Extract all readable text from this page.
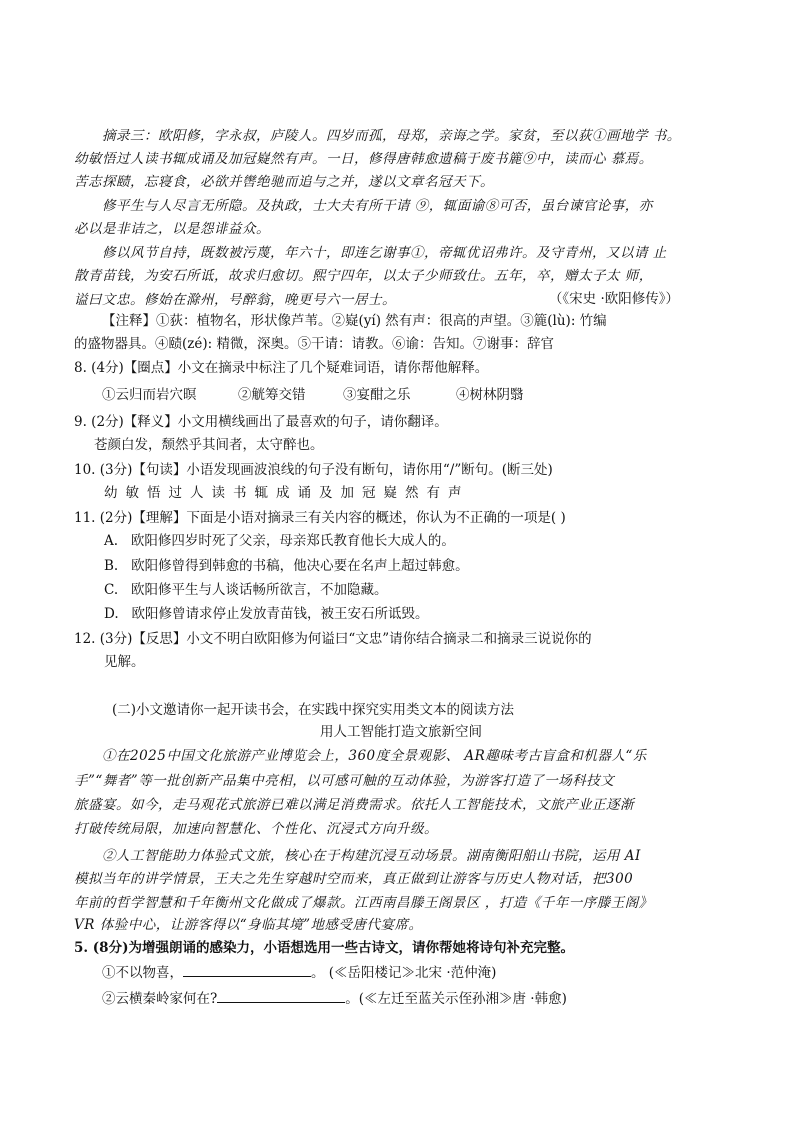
摘录三：欧阳修，字永叔，庐陵人。四岁而孤，母郑，亲诲之学。家贫，至以荻①画地学 书。
幼敏悟过人读书辄成诵及加冠嶷然有声。一日，修得唐韩愈遗稿于废书簏⑨中，读而心 慕焉。
苦志探赜，忘寝食，必欲并辔绝驰而追与之并，遂以文章名冠天下。
修平生与人尽言无所隐。及执政，士大夫有所干请 ⑨，辄面谕⑧可否，虽台谏官论事，亦
必以是非诘之，以是怨诽益众。
修以风节自持，既数被污蔑，年六十，即连乞谢事①，帝辄优诏弗许。及守青州，又以请 止
散青苗钱，为安石所诋，故求归愈切。熙宁四年，以太子少师致仕。五年，卒，赠太子太 师，
谥曰文忠。修始在滁州，号醉翁，晚更号六一居士。	（《宋史 ·欧阳修传》）
【注释】①荻：植物名，形状像芦苇。②嶷(yí) 然有声：很高的声望。③簏(lù): 竹编
的盛物器具。④赜(zé): 精微，深奥。⑤干请：请教。⑥谕：告知。⑦谢事：辞官
8. (4分)【圈点】小文在摘录中标注了几个疑难词语，请你帮他解释。
①云归而岩穴暝	②觥筹交错	③宴酣之乐	④树林阴翳
9. (2分)【释义】小文用横线画出了最喜欢的句子，请你翻译。
苍颜白发，颓然乎其间者，太守醉也。
10. (3分)【句读】小语发现画波浪线的句子没有断句，请你用“/”断句。(断三处)
幼敏悟过人读书辄成诵及加冠嶷然有声
11. (2分)【理解】下面是小语对摘录三有关内容的概述，你认为不正确的一项是( )
A. 欧阳修四岁时死了父亲，母亲郑氏教育他长大成人的。
B. 欧阳修曾得到韩愈的书稿，他决心要在名声上超过韩愈。
C. 欧阳修平生与人谈话畅所欲言，不加隐藏。
D. 欧阳修曾请求停止发放青苗钱，被王安石所诋毁。
12. (3分)【反思】小文不明白欧阳修为何谥曰“文忠”请你结合摘录二和摘录三说说你的
见解。
(二)小文邀请你一起开读书会，在实践中探究实用类文本的阅读方法
用人工智能打造文旅新空间
①在2025中国文化旅游产业博览会上，360度全景观影、 AR趣味考古盲盒和机器人“乐
手”“舞者”等一批创新产品集中亮相，以可感可触的互动体验，为游客打造了一场科技文
旅盛宴。如今，走马观花式旅游已难以满足消费需求。依托人工智能技术，文旅产业正逐渐
打破传统局限，加速向智慧化、个性化、沉浸式方向升级。
②人工智能助力体验式文旅，核心在于构建沉浸互动场景。湖南衡阳船山书院，运用 AI
模拟当年的讲学情景，王夫之先生穿越时空而来，真正做到让游客与历史人物对话，把300
年前的哲学智慧和千年衡州文化做成了爆款。江西南昌滕王阁景区 ，打造《千年一序滕王阁》
VR 体验中心，让游客得以“身临其境”地感受唐代宴席。
5. (8分)为增强朗诵的感染力，小语想选用一些古诗文，请你帮她将诗句补充完整。
①不以物喜，	。 (≪岳阳楼记≫北宋 ·范仲淹)
②云横秦岭家何在?	。(≪左迁至蓝关示侄孙湘≫唐 ·韩愈)
